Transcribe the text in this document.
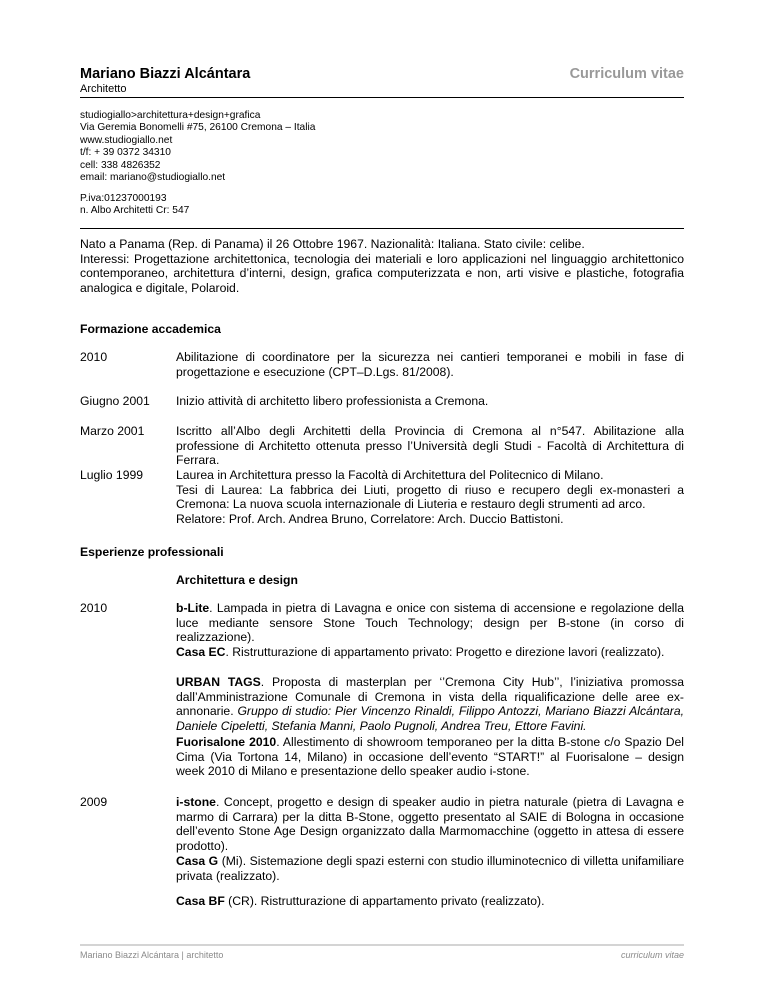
Mariano Biazzi Alcántara	Curriculum vitae
Architetto
studiogiallo>architettura+design+grafica
Via Geremia Bonomelli #75, 26100 Cremona – Italia
www.studiogiallo.net
t/f: + 39 0372 34310
cell: 338 4826352
email: mariano@studiogiallo.net
P.iva:01237000193
n. Albo Architetti Cr: 547
Nato a Panama (Rep. di Panama) il 26 Ottobre 1967. Nazionalità: Italiana. Stato civile: celibe.
Interessi: Progettazione architettonica, tecnologia dei materiali e loro applicazioni nel linguaggio architettonico contemporaneo, architettura d’interni, design, grafica computerizzata e non, arti visive e plastiche, fotografia analogica e digitale, Polaroid.
Formazione accademica
2010	Abilitazione di coordinatore per la sicurezza nei cantieri temporanei e mobili in fase di progettazione e esecuzione (CPT–D.Lgs. 81/2008).
Giugno 2001 Inizio attività di architetto libero professionista a Cremona.
Marzo 2001	Iscritto all’Albo degli Architetti della Provincia di Cremona al n°547. Abilitazione alla professione di Architetto ottenuta presso l’Università degli Studi - Facoltà di Architettura di Ferrara.
Luglio 1999	Laurea in Architettura presso la Facoltà di Architettura del Politecnico di Milano.
Tesi di Laurea: La fabbrica dei Liuti, progetto di riuso e recupero degli ex-monasteri a Cremona: La nuova scuola internazionale di Liuteria e restauro degli strumenti ad arco.
Relatore: Prof. Arch. Andrea Bruno, Correlatore: Arch. Duccio Battistoni.
Esperienze professionali
Architettura e design
2010	b-Lite. Lampada in pietra di Lavagna e onice con sistema di accensione e regolazione della luce mediante sensore Stone Touch Technology; design per B-stone (in corso di realizzazione).
Casa EC. Ristrutturazione di appartamento privato: Progetto e direzione lavori (realizzato).
URBAN TAGS. Proposta di masterplan per ‘’Cremona City Hub’’, l’iniziativa promossa dall’Amministrazione Comunale di Cremona in vista della riqualificazione delle aree ex-annonarie. Gruppo di studio: Pier Vincenzo Rinaldi, Filippo Antozzi, Mariano Biazzi Alcántara, Daniele Cipeletti, Stefania Manni, Paolo Pugnoli, Andrea Treu, Ettore Favini.
Fuorisalone 2010. Allestimento di showroom temporaneo per la ditta B-stone c/o Spazio Del Cima (Via Tortona 14, Milano) in occasione dell’evento “START!” al Fuorisalone – design week 2010 di Milano e presentazione dello speaker audio i-stone.
2009	i-stone. Concept, progetto e design di speaker audio in pietra naturale (pietra di Lavagna e marmo di Carrara) per la ditta B-Stone, oggetto presentato al SAIE di Bologna in occasione dell’evento Stone Age Design organizzato dalla Marmomacchine (oggetto in attesa di essere prodotto).
Casa G (Mi). Sistemazione degli spazi esterni con studio illuminotecnico di villetta unifamiliare privata (realizzato).
Casa BF (CR). Ristrutturazione di appartamento privato (realizzato).
Mariano Biazzi Alcántara | architetto	curriculum vitae
